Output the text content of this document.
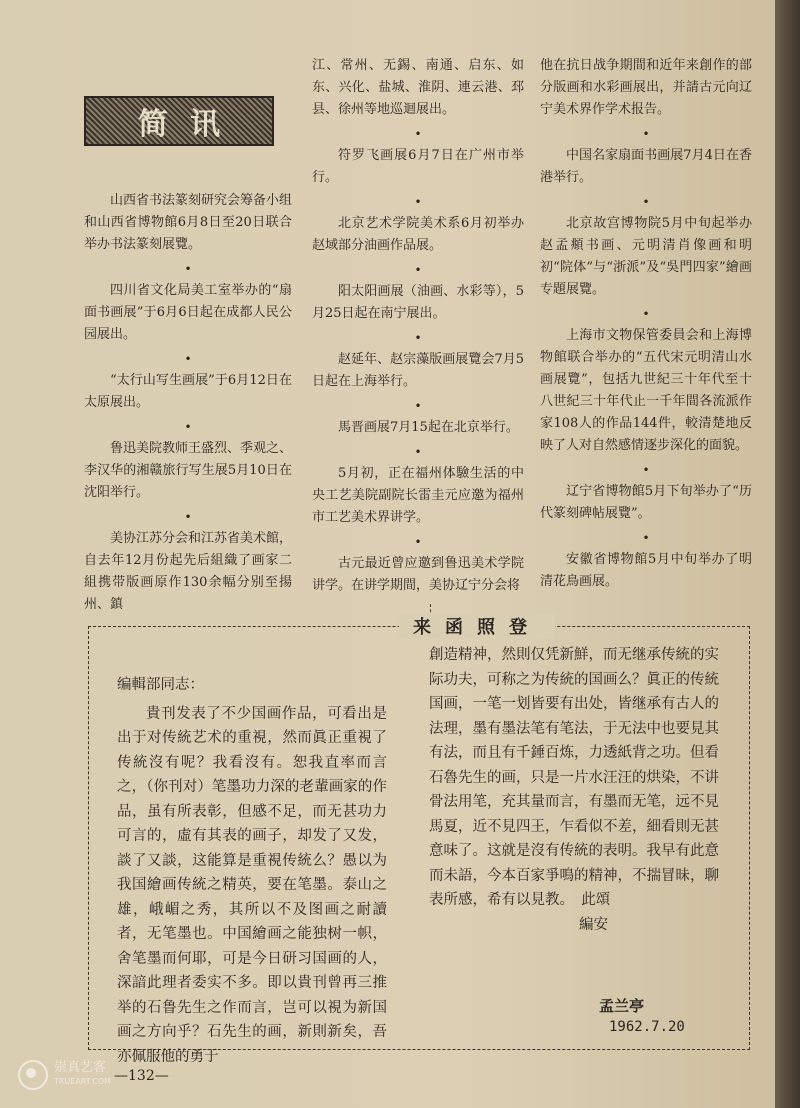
简讯

山西省书法篆刻研究会筹备小组和山西省博物館6月8日至20日联合举办书法篆刻展覽。

•

四川省文化局美工室举办的“扇面书画展”于6月6日起在成都人民公园展出。

•

“太行山写生画展”于6月12日在太原展出。

•

鲁迅美院教师王盛烈、季观之、李汉华的湘赣旅行写生展5月10日在沈阳举行。

•

美协江苏分会和江苏省美术館，自去年12月份起先后組織了画家二組携带版画原作130余幅分别至揚州、鎮

江、常州、无錫、南通、启东、如东、兴化、盐城、淮阴、連云港、邳县、徐州等地巡迴展出。

•

符罗飞画展6月7日在广州市举行。

•

北京艺术学院美术系6月初举办赵域部分油画作品展。

•

阳太阳画展（油画、水彩等），5月25日起在南宁展出。

•

赵延年、赵宗藻版画展覽会7月5日起在上海举行。

•

馬晋画展7月15起在北京举行。

•

5月初，正在福州体驗生活的中央工艺美院副院长雷圭元应邀为福州市工艺美术界讲学。

•

古元最近曾应邀到鲁迅美术学院讲学。在讲学期間，美协辽宁分会将

他在抗日战争期間和近年来創作的部分版画和水彩画展出，并請古元向辽宁美术界作学术报告。

•

中国名家扇面书画展7月4日在香港举行。

•

北京故宫博物院5月中旬起举办赵孟頫书画、元明清肖像画和明初“院体”与“浙派”及“吳門四家”繪画专題展覽。

•

上海市文物保管委員会和上海博物館联合举办的“五代宋元明清山水画展覽”，包括九世紀三十年代至十八世紀三十年代止一千年間各流派作家108人的作品144件，較清楚地反映了人对自然感情逐步深化的面貌。

•

辽宁省博物館5月下旬举办了“历代篆刻碑帖展覽”。

•

安徽省博物館5月中旬举办了明清花鳥画展。

来函照登

编輯部同志：

貴刊发表了不少国画作品，可看出是出于对传統艺术的重視，然而眞正重視了传統沒有呢？我看沒有。恕我直率而言之，（你刊对）笔墨功力深的老輩画家的作品，虽有所表彰，但感不足，而无甚功力可言的，虛有其表的画子，却发了又发，談了又談，这能算是重視传統么？愚以为我国繪画传統之精英，要在笔墨。泰山之雄，峨嵋之秀，其所以不及图画之耐讀者，无笔墨也。中国繪画之能独树一帜，舍笔墨而何耶，可是今日研习国画的人，深諳此理者委实不多。即以貴刊曾再三推举的石鲁先生之作而言，岂可以視为新国画之方向乎？石先生的画，新則新矣，吾亦佩服他的勇于

創造精神，然則仅凭新鮮，而无继承传統的实际功夫，可称之为传統的国画么？眞正的传統国画，一笔一划皆要有出处，皆继承有古人的法理，墨有墨法笔有笔法，于无法中也要見其有法，而且有千錘百炼，力透紙背之功。但看石魯先生的画，只是一片水汪汪的烘染，不讲骨法用笔，充其量而言，有墨而无笔，远不見馬夏，近不見四王，乍看似不差，細看則无甚意味了。这就是沒有传統的表明。我早有此意而未語，今本百家爭鳴的精神，不揣冒昧，聊表所感，希有以見教。　此頌

編安

孟兰亭
1962.7.20
—132—
崇真艺客
TRUEART.COM
